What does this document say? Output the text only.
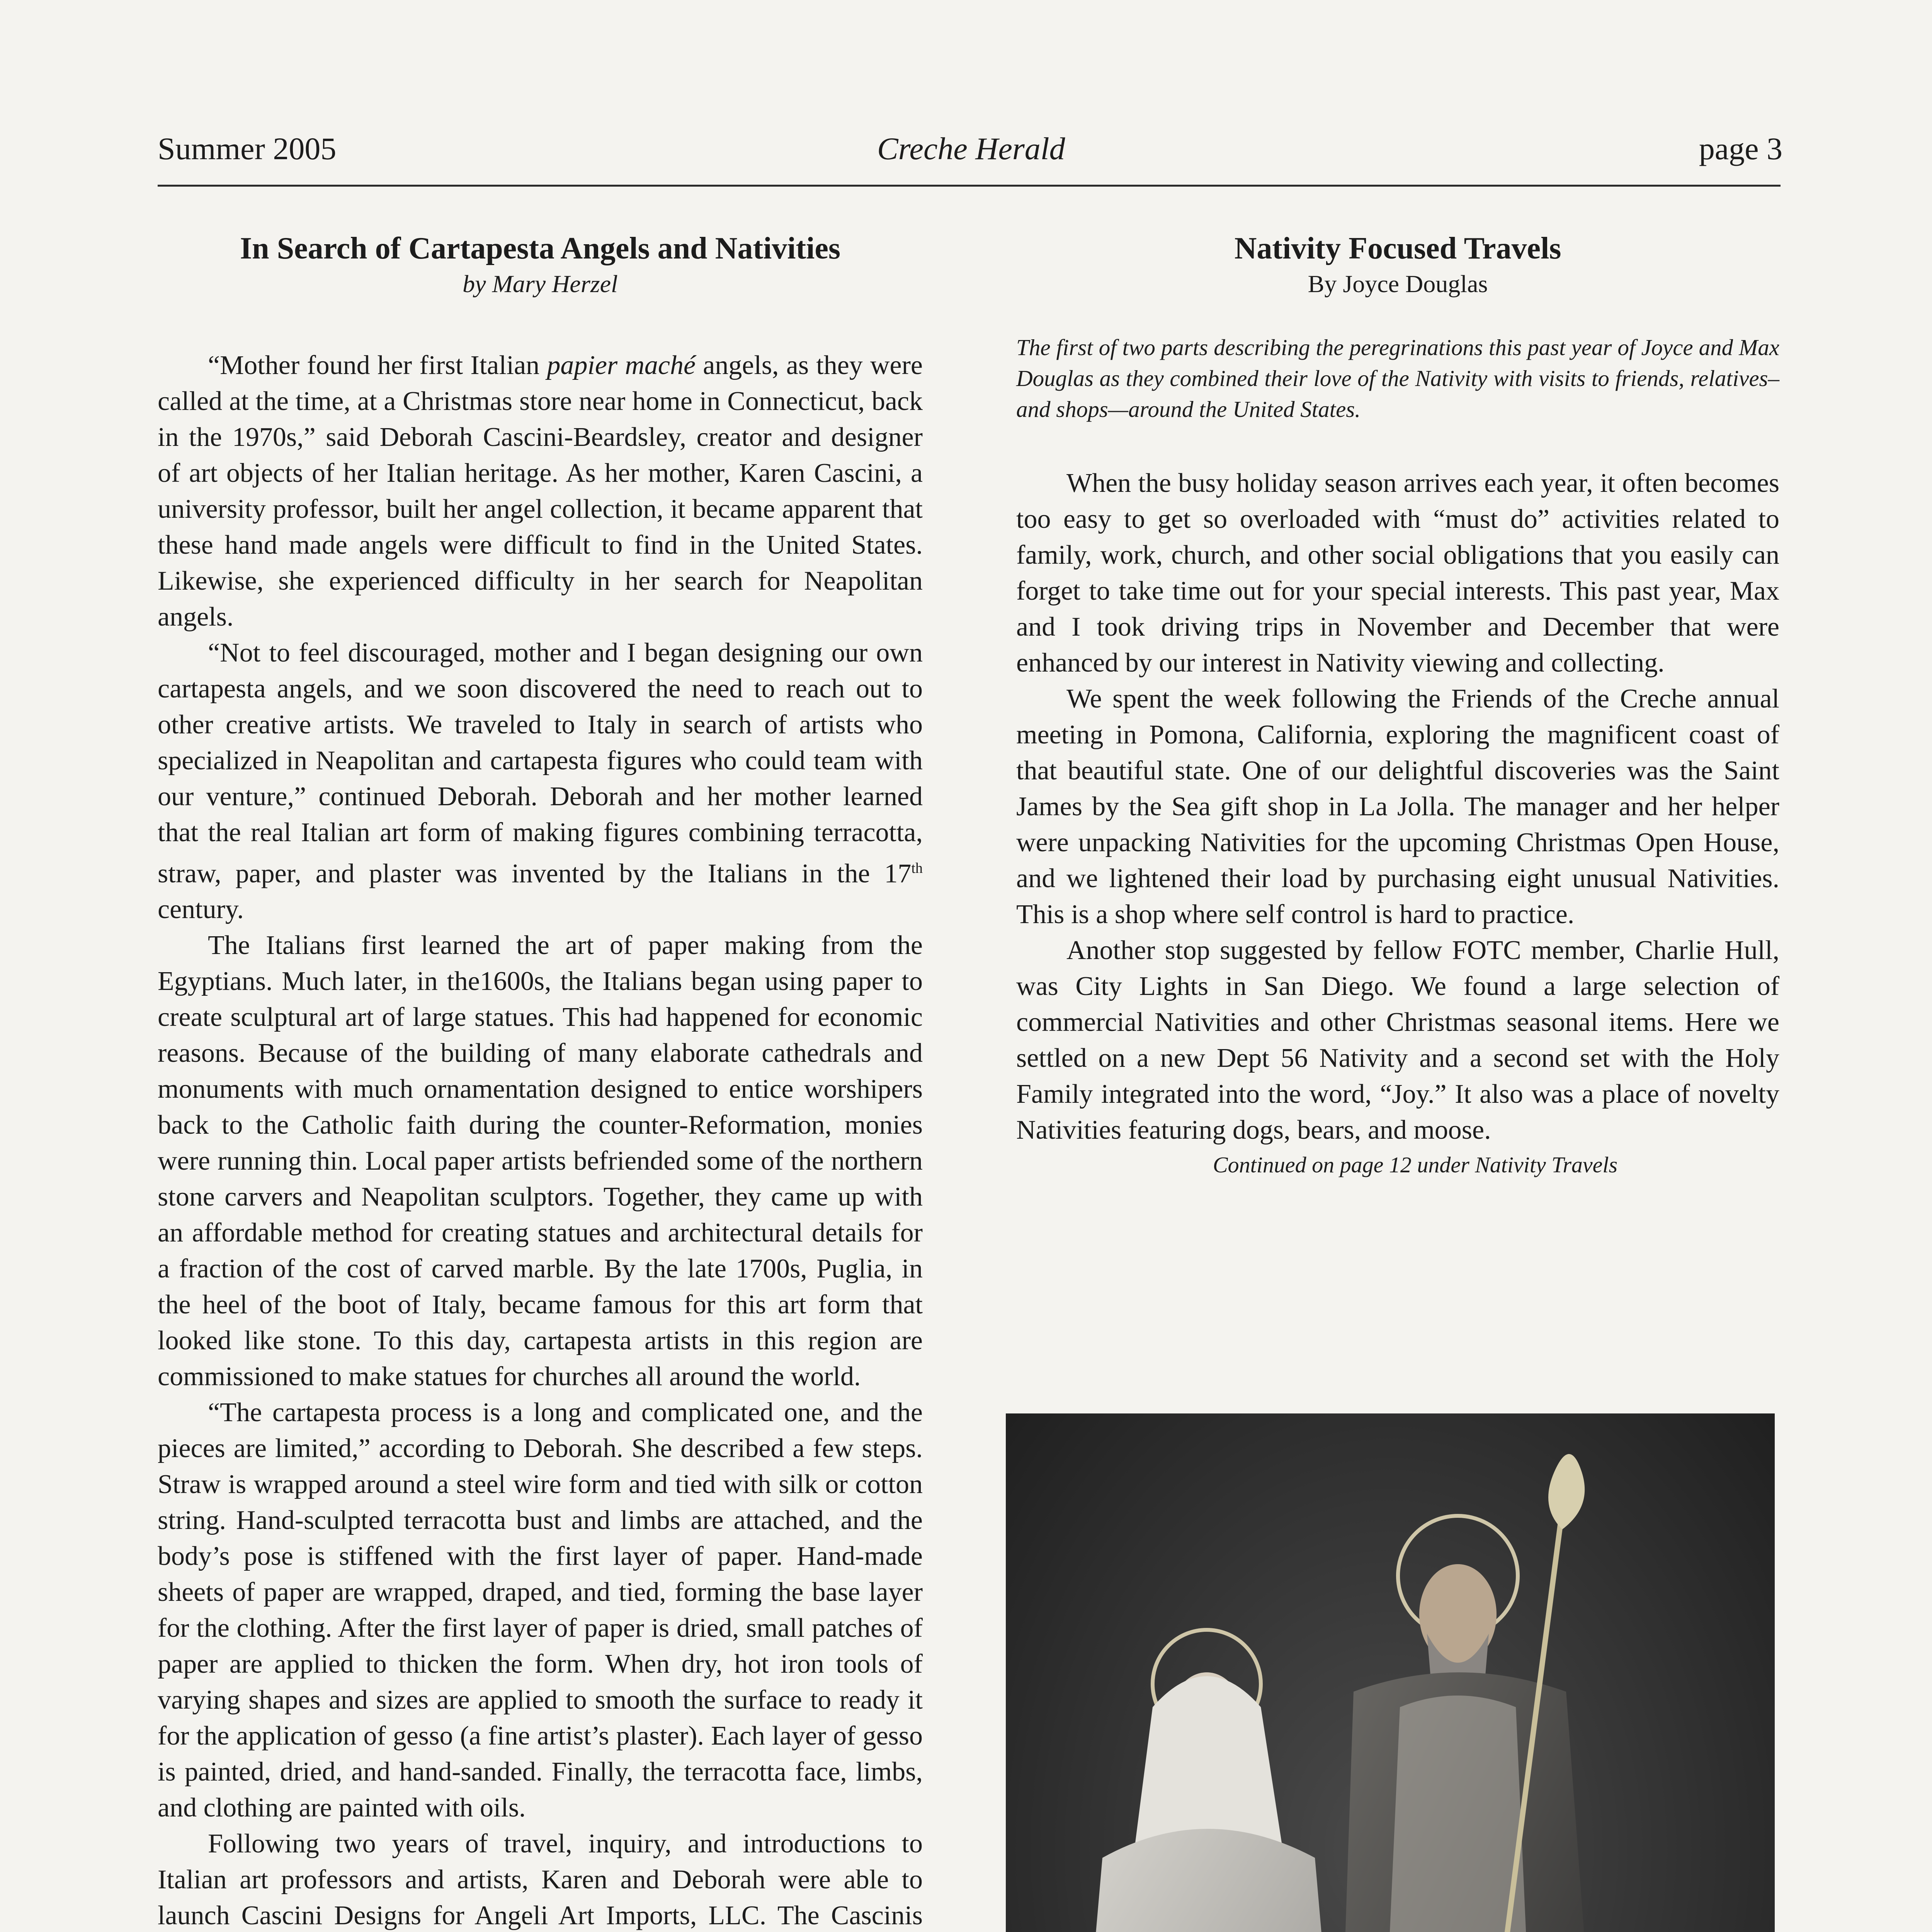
Summer 2005	Creche Herald	page 3

In Search of Cartapesta Angels and Nativities

by Mary Herzel

“Mother found her first Italian papier maché angels, as they were called at the time, at a Christmas store near home in Connecticut, back in the 1970s,” said Deborah Cascini-Beardsley, creator and designer of art objects of her Italian heritage. As her mother, Karen Cascini, a university professor, built her angel collection, it became apparent that these hand made angels were difficult to find in the United States. Likewise, she experienced difficulty in her search for Neapolitan angels.

“Not to feel discouraged, mother and I began designing our own cartapesta angels, and we soon discovered the need to reach out to other creative artists. We traveled to Italy in search of artists who specialized in Neapolitan and cartapesta figures who could team with our venture,” continued Deborah. Deborah and her mother learned that the real Italian art form of making figures combining terracotta, straw, paper, and plaster was invented by the Italians in the 17th century.

The Italians first learned the art of paper making from the Egyptians. Much later, in the1600s, the Italians began using paper to create sculptural art of large statues. This had happened for economic reasons. Because of the building of many elaborate cathedrals and monuments with much ornamentation designed to entice worshipers back to the Catholic faith during the counter-Reformation, monies were running thin. Local paper artists befriended some of the northern stone carvers and Neapolitan sculptors. Together, they came up with an affordable method for creating statues and architectural details for a fraction of the cost of carved marble. By the late 1700s, Puglia, in the heel of the boot of Italy, became famous for this art form that looked like stone. To this day, cartapesta artists in this region are commissioned to make statues for churches all around the world.

“The cartapesta process is a long and complicated one, and the pieces are limited,” according to Deborah. She described a few steps. Straw is wrapped around a steel wire form and tied with silk or cotton string. Hand-sculpted terracotta bust and limbs are attached, and the body’s pose is stiffened with the first layer of paper. Hand-made sheets of paper are wrapped, draped, and tied, forming the base layer for the clothing. After the first layer of paper is dried, small patches of paper are applied to thicken the form. When dry, hot iron tools of varying shapes and sizes are applied to smooth the surface to ready it for the application of gesso (a fine artist’s plaster). Each layer of gesso is painted, dried, and hand-sanded. Finally, the terracotta face, limbs, and clothing are painted with oils.

Following two years of travel, inquiry, and introductions to Italian art professors and artists, Karen and Deborah were able to launch Cascini Designs for Angeli Art Imports, LLC. The Cascinis

Nativity Focused Travels

By Joyce Douglas

The first of two parts describing the peregrinations this past year of Joyce and Max Douglas as they combined their love of the Nativity with visits to friends, relatives–and shops—around the United States.

When the busy holiday season arrives each year, it often becomes too easy to get so overloaded with “must do” activities related to family, work, church, and other social obligations that you easily can forget to take time out for your special interests. This past year, Max and I took driving trips in November and December that were enhanced by our interest in Nativity viewing and collecting.

We spent the week following the Friends of the Creche annual meeting in Pomona, California, exploring the magnificent coast of that beautiful state. One of our delightful discoveries was the Saint James by the Sea gift shop in La Jolla. The manager and her helper were unpacking Nativities for the upcoming Christmas Open House, and we lightened their load by purchasing eight unusual Nativities. This is a shop where self control is hard to practice.

Another stop suggested by fellow FOTC member, Charlie Hull, was City Lights in San Diego. We found a large selection of commercial Nativities and other Christmas seasonal items. Here we settled on a new Dept 56 Nativity and a second set with the Holy Family integrated into the word, “Joy.” It also was a place of novelty Nativities featuring dogs, bears, and moose.

Continued on page 12 under Nativity Travels
